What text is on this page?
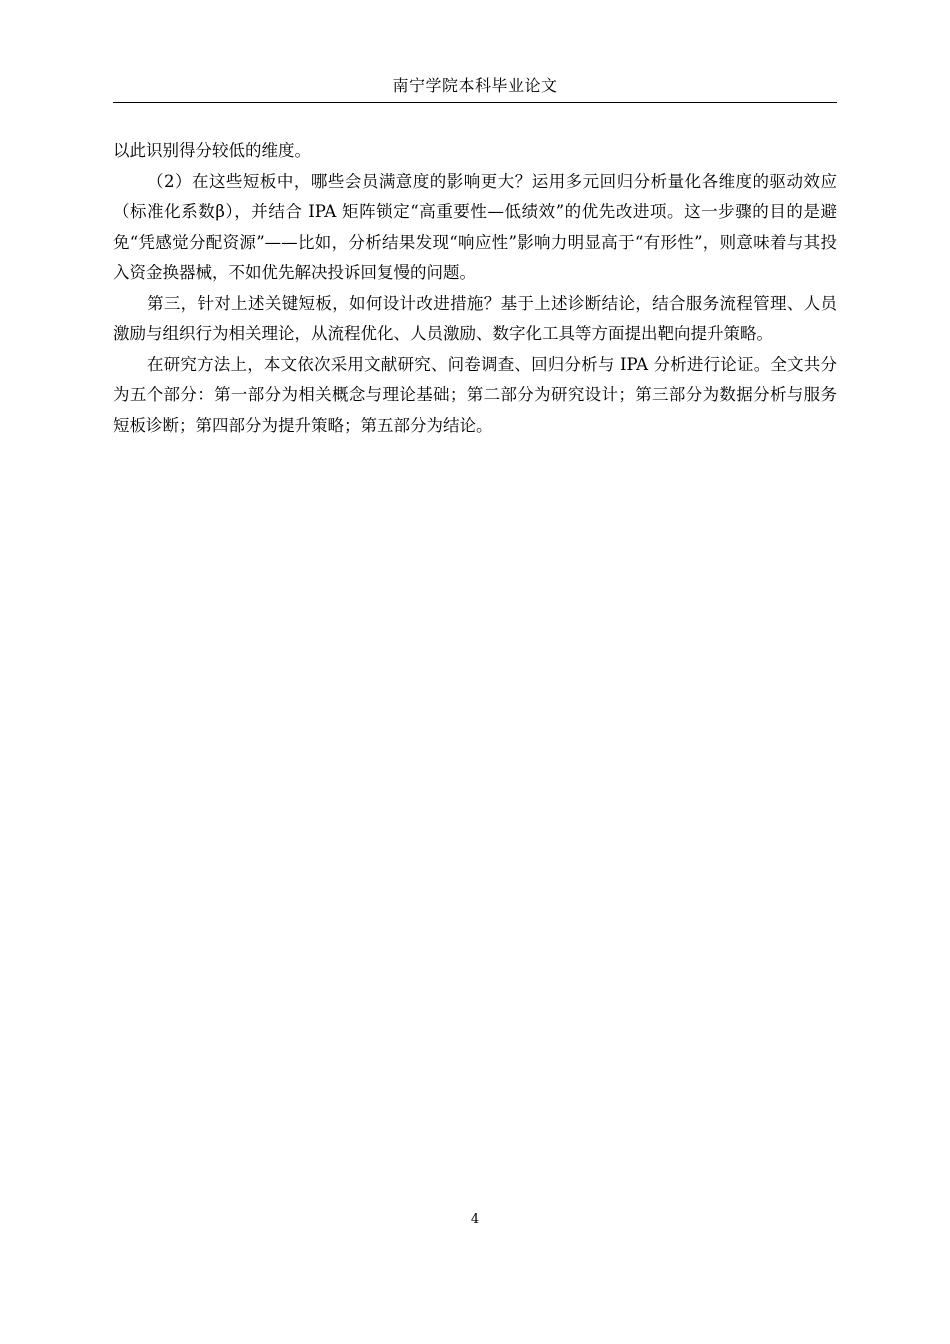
南宁学院本科毕业论文

以此识别得分较低的维度。

（2）在这些短板中，哪些会员满意度的影响更大？运用多元回归分析量化各维度的驱动效应（标准化系数β），并结合 IPA 矩阵锁定“高重要性—低绩效”的优先改进项。这一步骤的目的是避免“凭感觉分配资源”——比如，分析结果发现“响应性”影响力明显高于“有形性”，则意味着与其投入资金换器械，不如优先解决投诉回复慢的问题。

第三，针对上述关键短板，如何设计改进措施？基于上述诊断结论，结合服务流程管理、人员激励与组织行为相关理论，从流程优化、人员激励、数字化工具等方面提出靶向提升策略。

在研究方法上，本文依次采用文献研究、问卷调查、回归分析与 IPA 分析进行论证。全文共分为五个部分：第一部分为相关概念与理论基础；第二部分为研究设计；第三部分为数据分析与服务短板诊断；第四部分为提升策略；第五部分为结论。

4
